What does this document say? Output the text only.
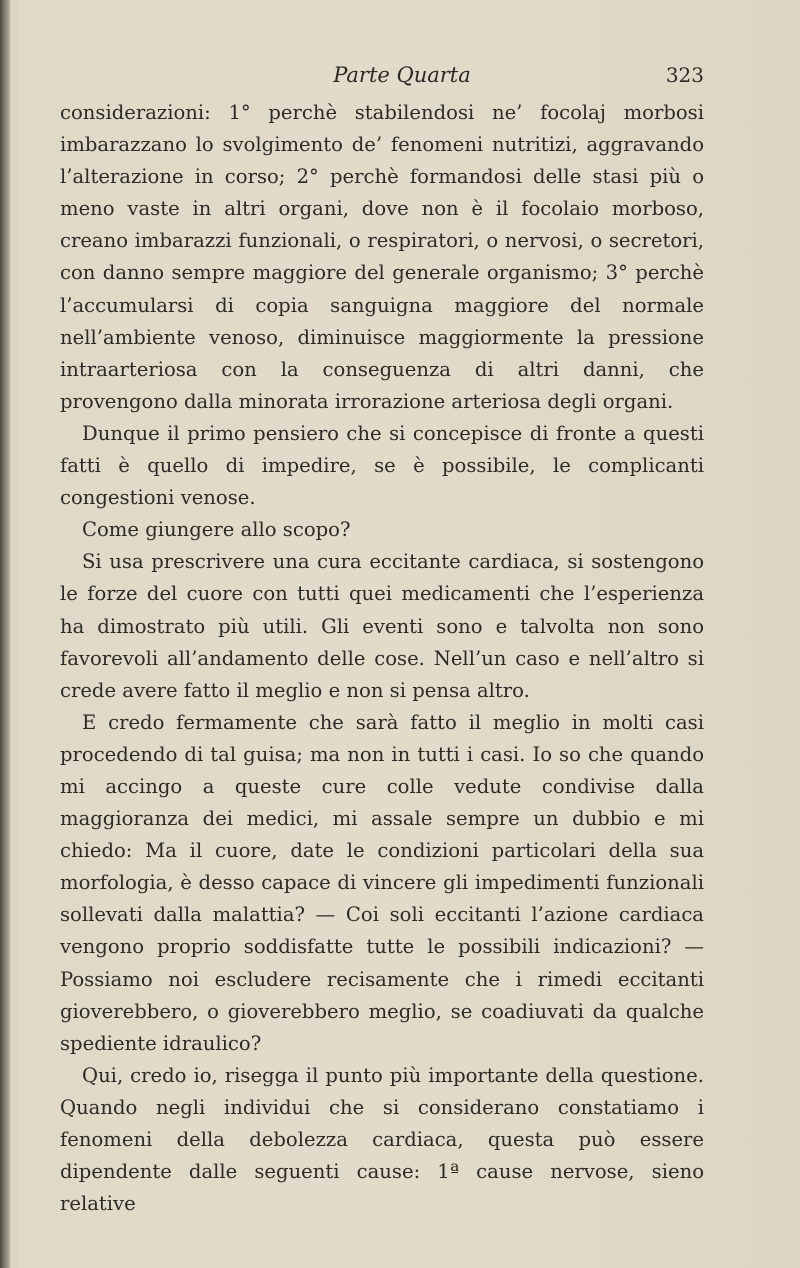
Parte Quarta	323

considerazioni: 1° perchè stabilendosi ne’ focolaj morbosi imbarazzano lo svolgimento de’ fenomeni nutritizi, aggravando l’alterazione in corso; 2° perchè formandosi delle stasi più o meno vaste in altri organi, dove non è il focolaio morboso, creano imbarazzi funzionali, o respiratori, o nervosi, o secretori, con danno sempre maggiore del generale organismo; 3° perchè l’accumularsi di copia sanguigna maggiore del normale nell’ambiente venoso, diminuisce maggiormente la pressione intraarteriosa con la conseguenza di altri danni, che provengono dalla minorata irrorazione arteriosa degli organi.

Dunque il primo pensiero che si concepisce di fronte a questi fatti è quello di impedire, se è possibile, le complicanti congestioni venose.

Come giungere allo scopo?

Si usa prescrivere una cura eccitante cardiaca, si sostengono le forze del cuore con tutti quei medicamenti che l’esperienza ha dimostrato più utili. Gli eventi sono e talvolta non sono favorevoli all’andamento delle cose. Nell’un caso e nell’altro si crede avere fatto il meglio e non si pensa altro.

E credo fermamente che sarà fatto il meglio in molti casi procedendo di tal guisa; ma non in tutti i casi. Io so che quando mi accingo a queste cure colle vedute condivise dalla maggioranza dei medici, mi assale sempre un dubbio e mi chiedo: Ma il cuore, date le condizioni particolari della sua morfologia, è desso capace di vincere gli impedimenti funzionali sollevati dalla malattia? — Coi soli eccitanti l’azione cardiaca vengono proprio soddisfatte tutte le possibili indicazioni? — Possiamo noi escludere recisamente che i rimedi eccitanti gioverebbero, o gioverebbero meglio, se coadiuvati da qualche spediente idraulico?

Qui, credo io, risegga il punto più importante della questione. Quando negli individui che si considerano constatiamo i fenomeni della debolezza cardiaca, questa può essere dipendente dalle seguenti cause: 1ª cause nervose, sieno relative
